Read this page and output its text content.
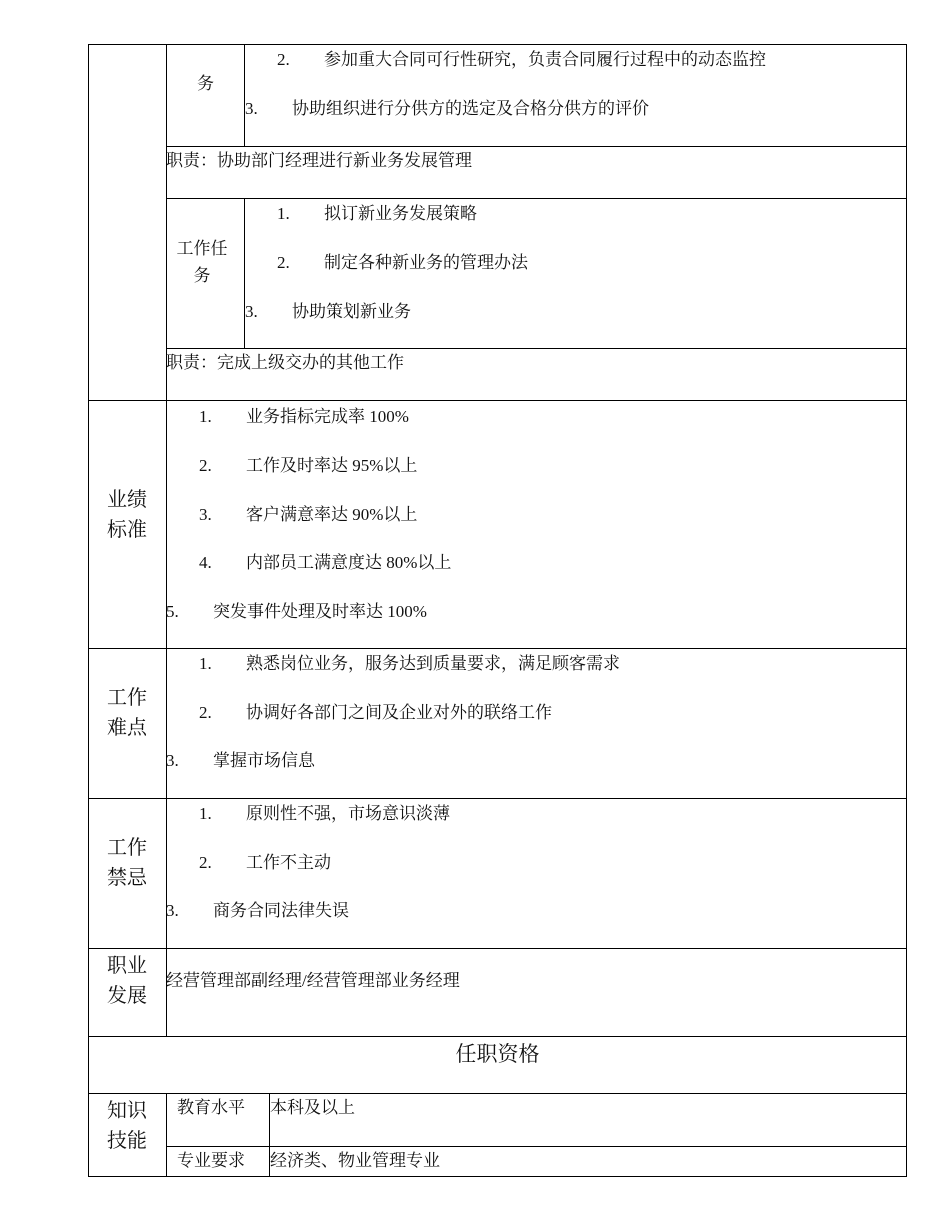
务
2. 参加重大合同可行性研究，负责合同履行过程中的动态监控
3. 协助组织进行分供方的选定及合格分供方的评价
职责：协助部门经理进行新业务发展管理
工作任务
1. 拟订新业务发展策略
2. 制定各种新业务的管理办法
3. 协助策划新业务
职责：完成上级交办的其他工作
业绩标准
1. 业务指标完成率 100%
2. 工作及时率达 95%以上
3. 客户满意率达 90%以上
4. 内部员工满意度达 80%以上
5. 突发事件处理及时率达 100%
工作难点
1. 熟悉岗位业务，服务达到质量要求，满足顾客需求
2. 协调好各部门之间及企业对外的联络工作
3. 掌握市场信息
工作禁忌
1. 原则性不强，市场意识淡薄
2. 工作不主动
3. 商务合同法律失误
职业发展
经营管理部副经理/经营管理部业务经理
任职资格
知识技能
教育水平 本科及以上
专业要求 经济类、物业管理专业
